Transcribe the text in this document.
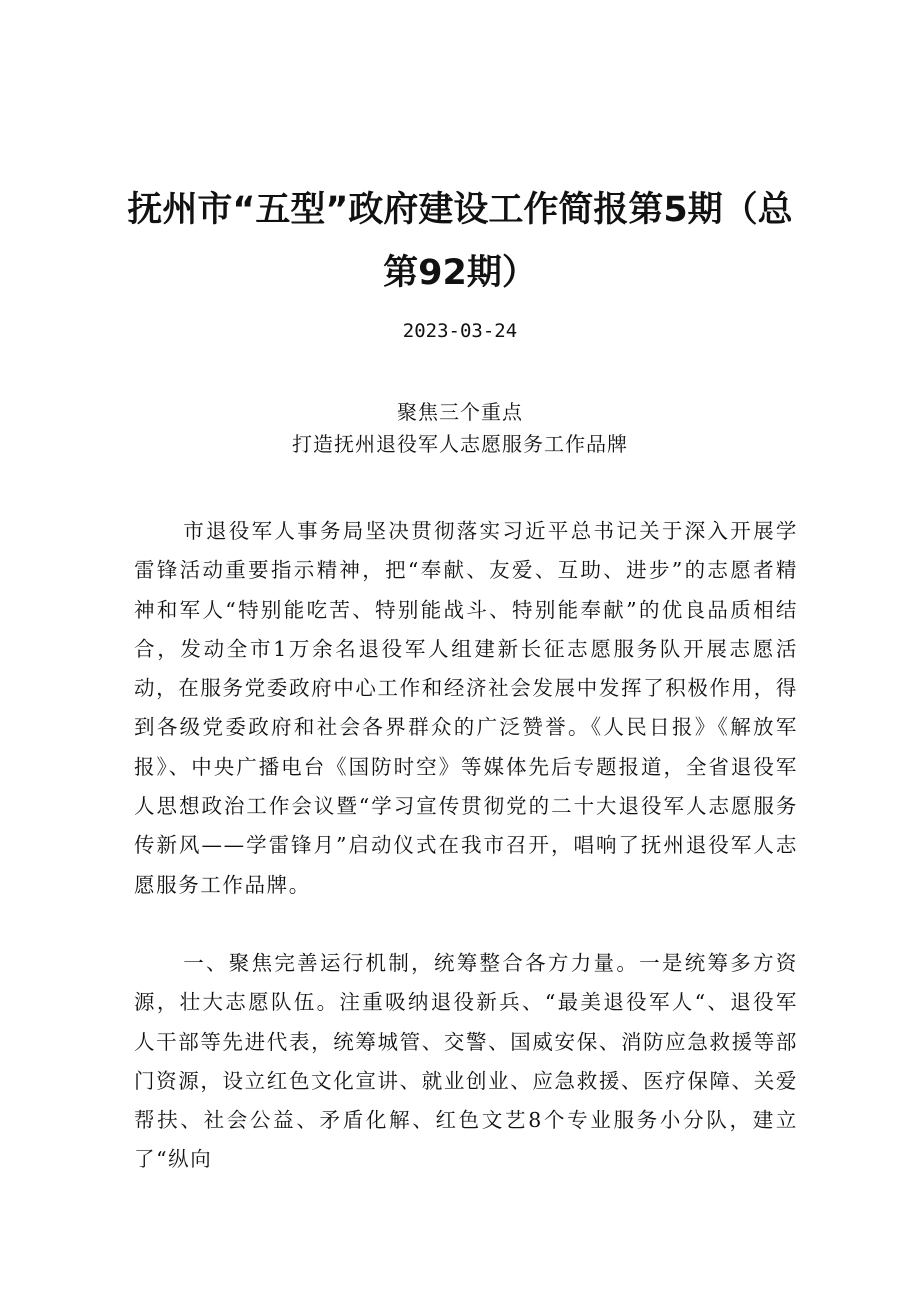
抚州市“五型”政府建设工作简报第5期（总
第92期）
2023-03-24
聚焦三个重点
打造抚州退役军人志愿服务工作品牌

市退役军人事务局坚决贯彻落实习近平总书记关于深入开展学雷锋活动重要指示精神，把“奉献、友爱、互助、进步”的志愿者精神和军人“特别能吃苦、特别能战斗、特别能奉献”的优良品质相结合，发动全市1万余名退役军人组建新长征志愿服务队开展志愿活动，在服务党委政府中心工作和经济社会发展中发挥了积极作用，得到各级党委政府和社会各界群众的广泛赞誉。《人民日报》《解放军报》、中央广播电台《国防时空》等媒体先后专题报道，全省退役军人思想政治工作会议暨“学习宣传贯彻党的二十大退役军人志愿服务传新风——学雷锋月”启动仪式在我市召开，唱响了抚州退役军人志愿服务工作品牌。

一、聚焦完善运行机制，统筹整合各方力量。一是统筹多方资源，壮大志愿队伍。注重吸纳退役新兵、“最美退役军人“、退役军人干部等先进代表，统筹城管、交警、国威安保、消防应急救援等部门资源，设立红色文化宣讲、就业创业、应急救援、医疗保障、关爱帮扶、社会公益、矛盾化解、红色文艺8个专业服务小分队，建立了“纵向
